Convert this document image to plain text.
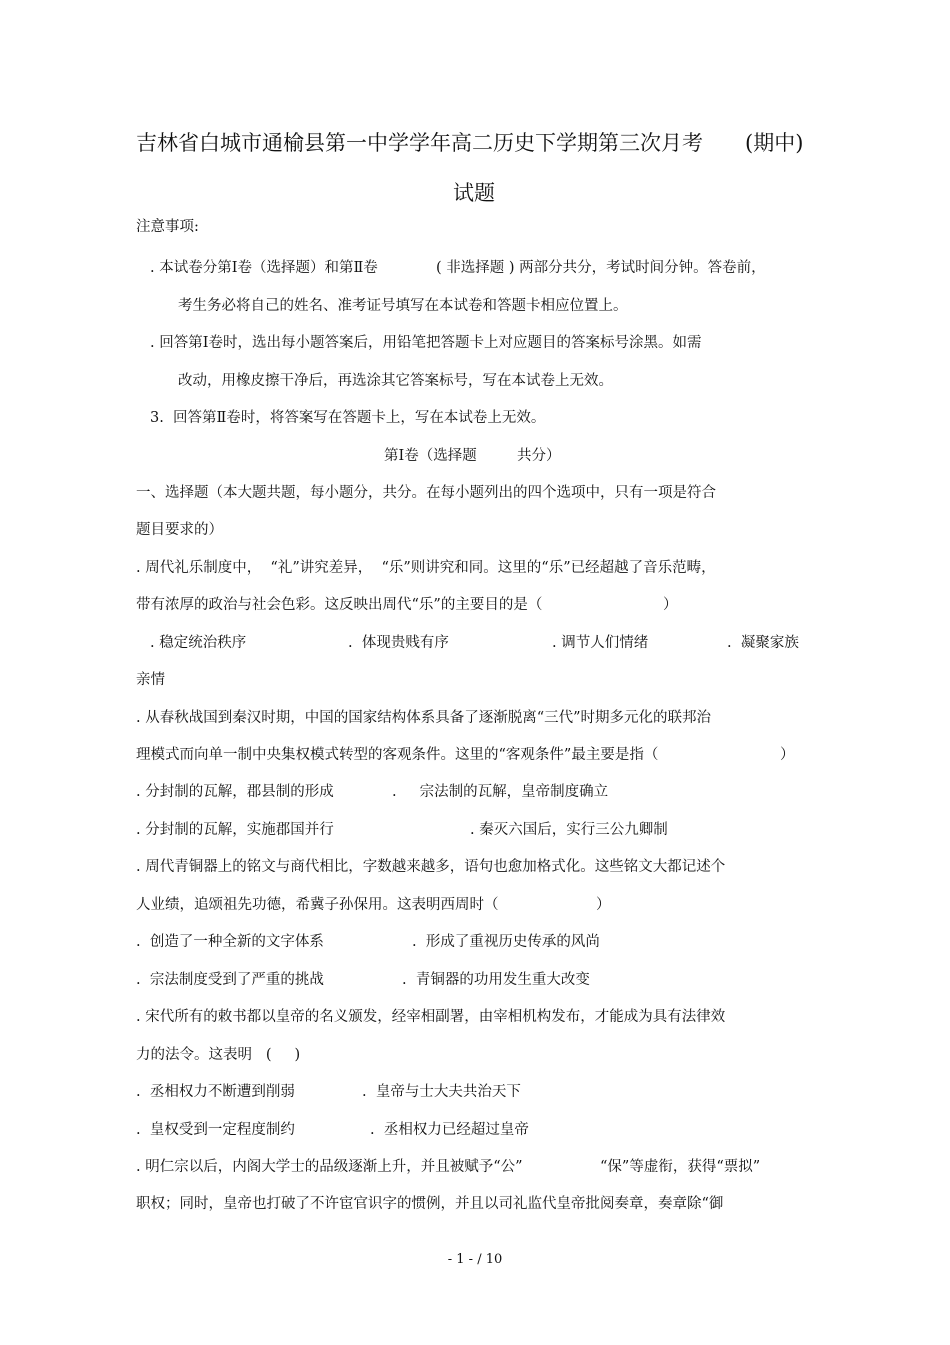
吉林省白城市通榆县第一中学学年高二历史下学期第三次月考 (期中)
试题
注意事项:
. 本试卷分第Ⅰ卷（选择题）和第Ⅱ卷	( 非选择题 ) 两部分共分，考试时间分钟。答卷前，
考生务必将自己的姓名、准考证号填写在本试卷和答题卡相应位置上。
. 回答第Ⅰ卷时，选出每小题答案后，用铅笔把答题卡上对应题目的答案标号涂黑。如需
改动，用橡皮擦干净后，再选涂其它答案标号，写在本试卷上无效。
3.  回答第Ⅱ卷时，将答案写在答题卡上，写在本试卷上无效。
第Ⅰ卷（选择题	共分）
一、选择题（本大题共题，每小题分，共分。在每小题列出的四个选项中，只有一项是符合
题目要求的）
. 周代礼乐制度中，  “礼”讲究差异，  “乐”则讲究和同。这里的“乐”已经超越了音乐范畴，
带有浓厚的政治与社会色彩。这反映出周代“乐”的主要目的是（	）
. 稳定统治秩序	.  体现贵贱有序	. 调节人们情绪	.  凝聚家族
亲情
. 从春秋战国到秦汉时期，中国的国家结构体系具备了逐渐脱离“三代”时期多元化的联邦治
理模式而向单一制中央集权模式转型的客观条件。这里的“客观条件”最主要是指（	）
. 分封制的瓦解，郡县制的形成	.     宗法制的瓦解，皇帝制度确立
. 分封制的瓦解，实施郡国并行	. 秦灭六国后，实行三公九卿制
. 周代青铜器上的铭文与商代相比，字数越来越多，语句也愈加格式化。这些铭文大都记述个
人业绩，追颂祖先功德，希冀子孙保用。这表明西周时（	）
.  创造了一种全新的文字体系	.  形成了重视历史传承的风尚
.  宗法制度受到了严重的挑战	.  青铜器的功用发生重大改变
. 宋代所有的敕书都以皇帝的名义颁发，经宰相副署，由宰相机构发布，才能成为具有法律效
力的法令。这表明   (     )
.  丞相权力不断遭到削弱	.  皇帝与士大夫共治天下
.  皇权受到一定程度制约	.  丞相权力已经超过皇帝
. 明仁宗以后，内阁大学士的品级逐渐上升，并且被赋予“公”	“保”等虚衔，获得“票拟”
职权；同时，皇帝也打破了不许宦官识字的惯例，并且以司礼监代皇帝批阅奏章，奏章除“御
- 1 - / 10
